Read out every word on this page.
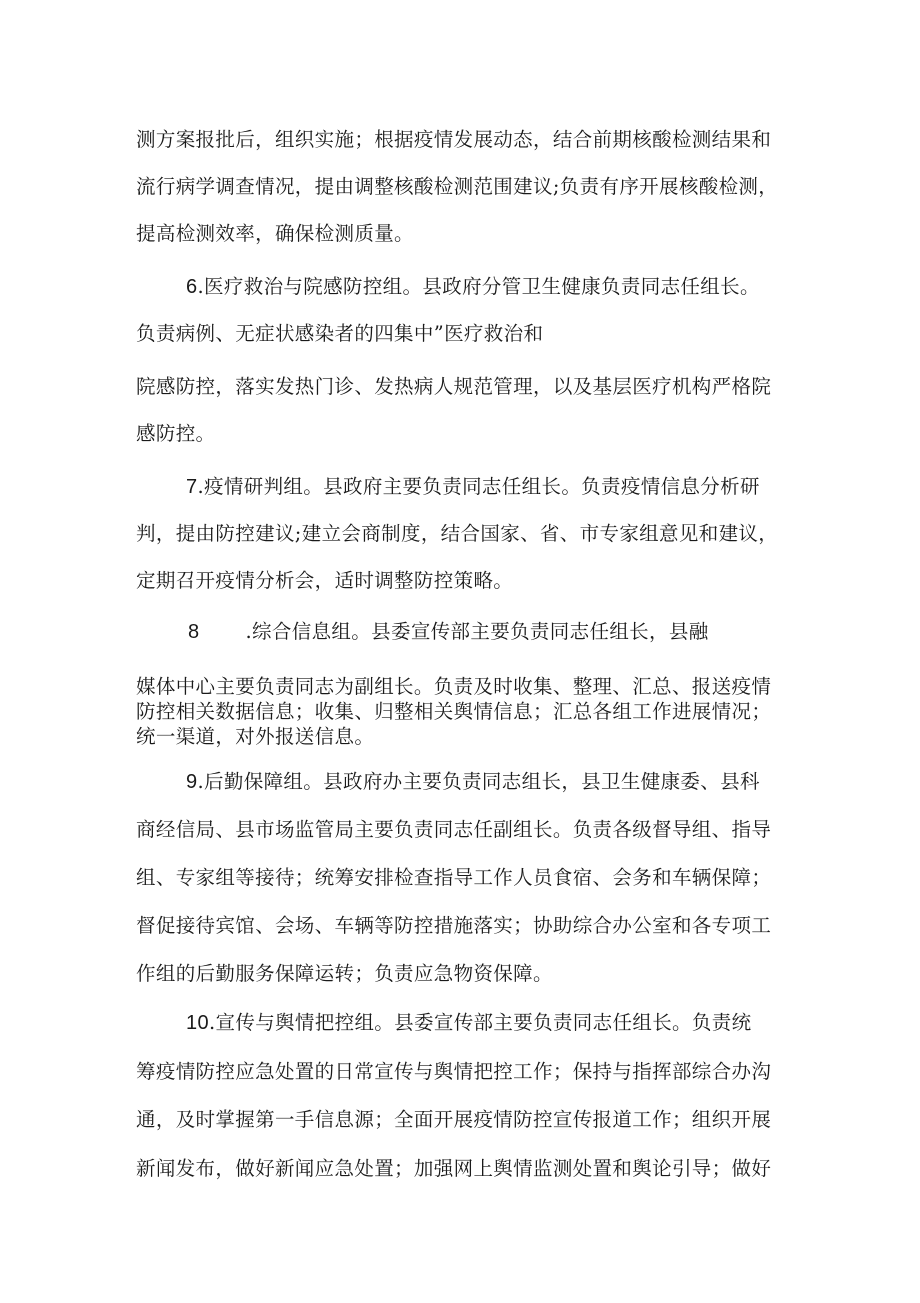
测方案报批后，组织实施；根据疫情发展动态，结合前期核酸检测结果和
流行病学调查情况，提由调整核酸检测范围建议;负责有序开展核酸检测，
提高检测效率，确保检测质量。
6.医疗救治与院感防控组。县政府分管卫生健康负责同志任组长。
负责病例、无症状感染者的四集中”医疗救治和
院感防控，落实发热门诊、发热病人规范管理，以及基层医疗机构严格院
感防控。
7.疫情研判组。县政府主要负责同志任组长。负责疫情信息分析研
判，提由防控建议;建立会商制度，结合国家、省、市专家组意见和建议，
定期召开疫情分析会，适时调整防控策略。
8 .综合信息组。县委宣传部主要负责同志任组长，县融
媒体中心主要负责同志为副组长。负责及时收集、整理、汇总、报送疫情
防控相关数据信息；收集、归整相关舆情信息；汇总各组工作进展情况；
统一渠道，对外报送信息。
9.后勤保障组。县政府办主要负责同志组长，县卫生健康委、县科
商经信局、县市场监管局主要负责同志任副组长。负责各级督导组、指导
组、专家组等接待；统筹安排检查指导工作人员食宿、会务和车辆保障；
督促接待宾馆、会场、车辆等防控措施落实；协助综合办公室和各专项工
作组的后勤服务保障运转；负责应急物资保障。
10.宣传与舆情把控组。县委宣传部主要负责同志任组长。负责统
筹疫情防控应急处置的日常宣传与舆情把控工作；保持与指挥部综合办沟
通，及时掌握第一手信息源；全面开展疫情防控宣传报道工作；组织开展
新闻发布，做好新闻应急处置；加强网上舆情监测处置和舆论引导；做好
